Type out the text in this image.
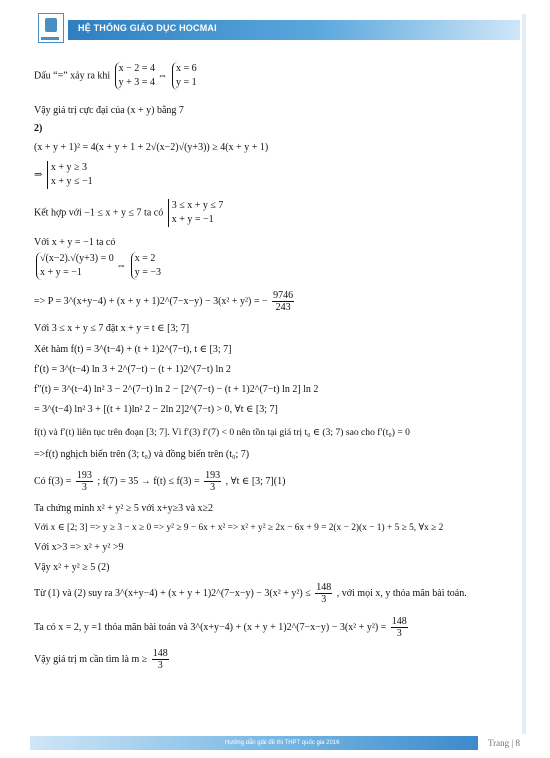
HỆ THỐNG GIÁO DỤC HOCMAI
Dấu “=” xảy ra khi
x − 2 = 4
y + 3 = 4
⇔
x = 6
y = 1
Vậy giá trị cực đại của (x + y) bằng 7
2)
(x + y + 1)² = 4(x + y + 1 + 2√(x−2)√(y+3)) ≥ 4(x + y + 1)
⇒
x + y ≥ 3
x + y ≤ −1
Kết hợp với −1 ≤ x + y ≤ 7 ta có
3 ≤ x + y ≤ 7
x + y = −1
Với x + y = −1 ta có
√(x−2).√(y+3) = 0
x + y = −1
⇔
x = 2
y = −3
=> P = 3^(x+y−4) + (x + y + 1)2^(7−x−y) − 3(x² + y²) = − $\frac{9746}{243}$
Với 3 ≤ x + y ≤ 7 đặt x + y = t ∈ [3; 7]
Xét hàm f(t) = 3^(t−4) + (t + 1)2^(7−t), t ∈ [3; 7]
f′(t) = 3^(t−4) ln 3 + 2^(7−t) − (t + 1)2^(7−t) ln 2
f″(t) = 3^(t−4) ln² 3 − 2^(7−t) ln 2 − [2^(7−t) − (t + 1)2^(7−t) ln 2] ln 2
= 3^(t−4) ln² 3 + [(t + 1)ln² 2 − 2ln 2]2^(7−t) > 0, ∀t ∈ [3; 7]
f(t) và f′(t) liên tục trên đoạn [3; 7]. Vì f′(3) f′(7) < 0 nên tồn tại giá trị t₀ ∈ (3; 7) sao cho f′(t₀) = 0
=>f(t) nghịch biến trên (3; t₀) và đồng biến trên (t₀; 7)
Có $f(3) = \frac{193}{3}$ ; $f(7) = 35 \to f(t) \le f(3) = \frac{193}{3}$ , ∀t ∈ [3; 7](1)
Ta chứng minh x² + y² ≥ 5 với x+y≥3 và x≥2
Với x ∈ [2; 3] => y ≥ 3 − x ≥ 0 => y² ≥ 9 − 6x + x² => x² + y² ≥ 2x − 6x + 9 = 2(x − 2)(x − 1) + 5 ≥ 5, ∀x ≥ 2
Với x>3 => x² + y² >9
Vậy x² + y² ≥ 5 (2)
Từ (1) và (2) suy ra 3^(x+y−4) + (x + y + 1)2^(7−x−y) − $3(x^2 + y^2) \le \frac{148}{3}$ , với mọi x, y thỏa mãn bài toán.
Ta có x = 2, y =1 thỏa mãn bài toán và 3^(x+y−4) + (x + y + 1)2^(7−x−y) − $3(x^2 + y^2) = \frac{148}{3}$
Vậy giá trị m cần tìm là $m \ge \frac{148}{3}$
Hướng dẫn giải đề thi THPT quốc gia 2016	Trang | 8
